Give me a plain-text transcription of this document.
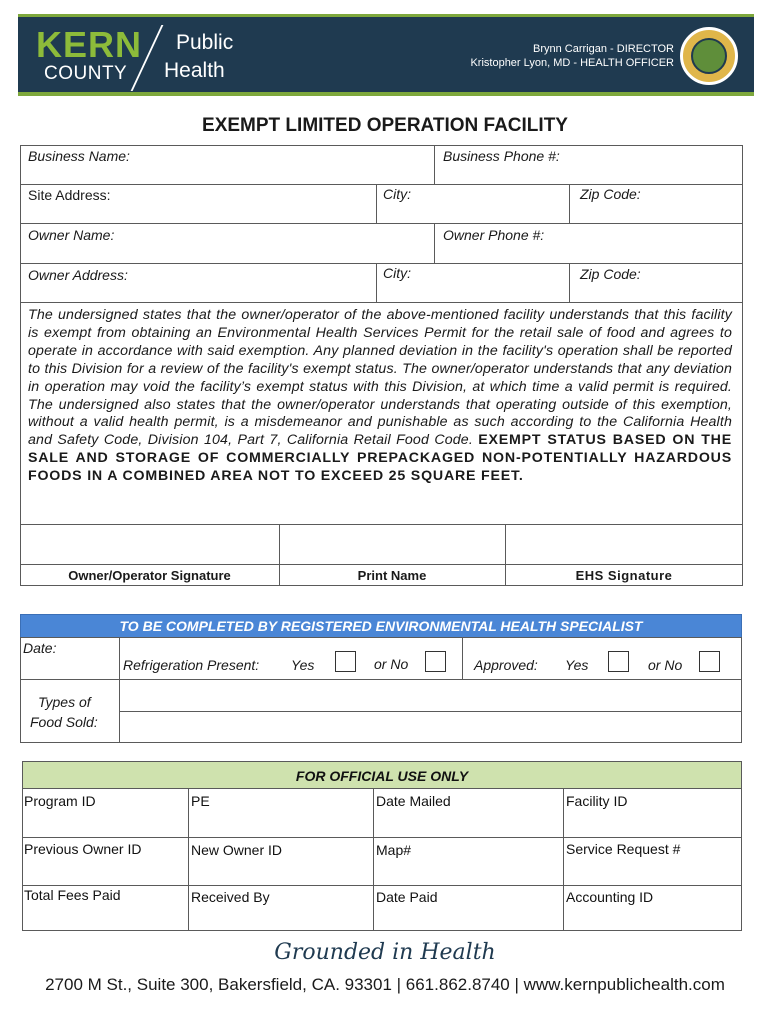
KERN
COUNTY
Public
Health
Brynn Carrigan - DIRECTOR
Kristopher Lyon, MD - HEALTH OFFICER
EXEMPT LIMITED OPERATION FACILITY
Business Name:	Business Phone #:
Site Address:	City:	Zip Code:
Owner Name:	Owner Phone #:
Owner Address:	City:	Zip Code:
The undersigned states that the owner/operator of the above-mentioned facility understands that this facility is exempt from obtaining an Environmental Health Services Permit for the retail sale of food and agrees to operate in accordance with said exemption. Any planned deviation in the facility's operation shall be reported to this Division for a review of the facility's exempt status. The owner/operator understands that any deviation in operation may void the facility’s exempt status with this Division, at which time a valid permit is required. The undersigned also states that the owner/operator understands that operating outside of this exemption, without a valid health permit, is a misdemeanor and punishable as such according to the California Health and Safety Code, Division 104, Part 7, California Retail Food Code. EXEMPT STATUS BASED ON THE SALE AND STORAGE OF COMMERCIALLY PREPACKAGED NON-POTENTIALLY HAZARDOUS FOODS IN A COMBINED AREA NOT TO EXCEED 25 SQUARE FEET.
Owner/Operator Signature	Print Name	EHS Signature
TO BE COMPLETED BY REGISTERED ENVIRONMENTAL HEALTH SPECIALIST
Date:
Refrigeration Present: Yes	or No	Approved: Yes	or No
Types of
Food Sold:
FOR OFFICIAL USE ONLY
Program ID	PE	Date Mailed	Facility ID
Previous Owner ID	New Owner ID	Map#	Service Request #
Total Fees Paid	Received By	Date Paid	Accounting ID
Grounded in Health
2700 M St., Suite 300, Bakersfield, CA. 93301 | 661.862.8740 | www.kernpublichealth.com
